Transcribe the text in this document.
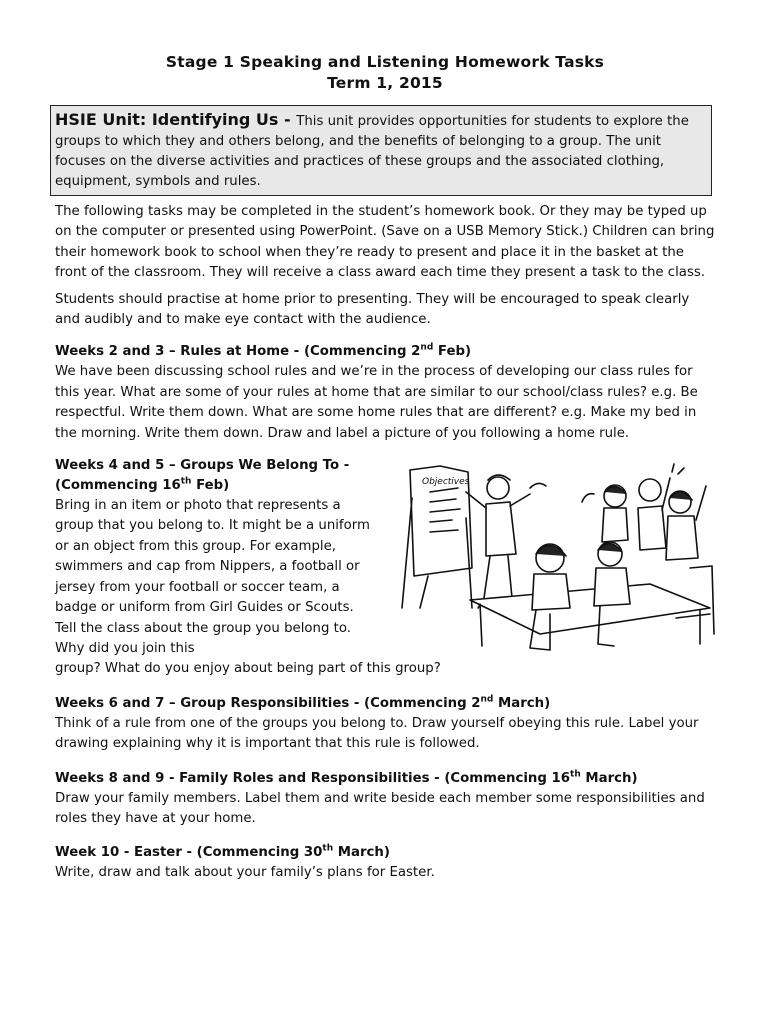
Stage 1 Speaking and Listening Homework Tasks
Term 1, 2015
HSIE Unit: Identifying Us - This unit provides opportunities for students to explore the groups to which they and others belong, and the benefits of belonging to a group. The unit focuses on the diverse activities and practices of these groups and the associated clothing, equipment, symbols and rules.
The following tasks may be completed in the student’s homework book. Or they may be typed up on the computer or presented using PowerPoint. (Save on a USB Memory Stick.) Children can bring their homework book to school when they’re ready to present and place it in the basket at the front of the classroom. They will receive a class award each time they present a task to the class.
Students should practise at home prior to presenting. They will be encouraged to speak clearly and audibly and to make eye contact with the audience.
Weeks 2 and 3 – Rules at Home - (Commencing 2nd Feb)
We have been discussing school rules and we’re in the process of developing our class rules for this year. What are some of your rules at home that are similar to our school/class rules? e.g. Be respectful. Write them down. What are some home rules that are different? e.g. Make my bed in the morning. Write them down. Draw and label a picture of you following a home rule.
Weeks 4 and 5 – Groups We Belong To -
(Commencing 16th Feb)
Bring in an item or photo that represents a group that you belong to. It might be a uniform or an object from this group. For example, swimmers and cap from Nippers, a football or jersey from your football or soccer team, a badge or uniform from Girl Guides or Scouts. Tell the class about the group you belong to. Why did you join this
group? What do you enjoy about being part of this group?
Objectives
Weeks 6 and 7 – Group Responsibilities - (Commencing 2nd March)
Think of a rule from one of the groups you belong to. Draw yourself obeying this rule. Label your drawing explaining why it is important that this rule is followed.
Weeks 8 and 9 - Family Roles and Responsibilities - (Commencing 16th March)
Draw your family members. Label them and write beside each member some responsibilities and roles they have at your home.
Week 10 - Easter - (Commencing 30th March)
Write, draw and talk about your family’s plans for Easter.
